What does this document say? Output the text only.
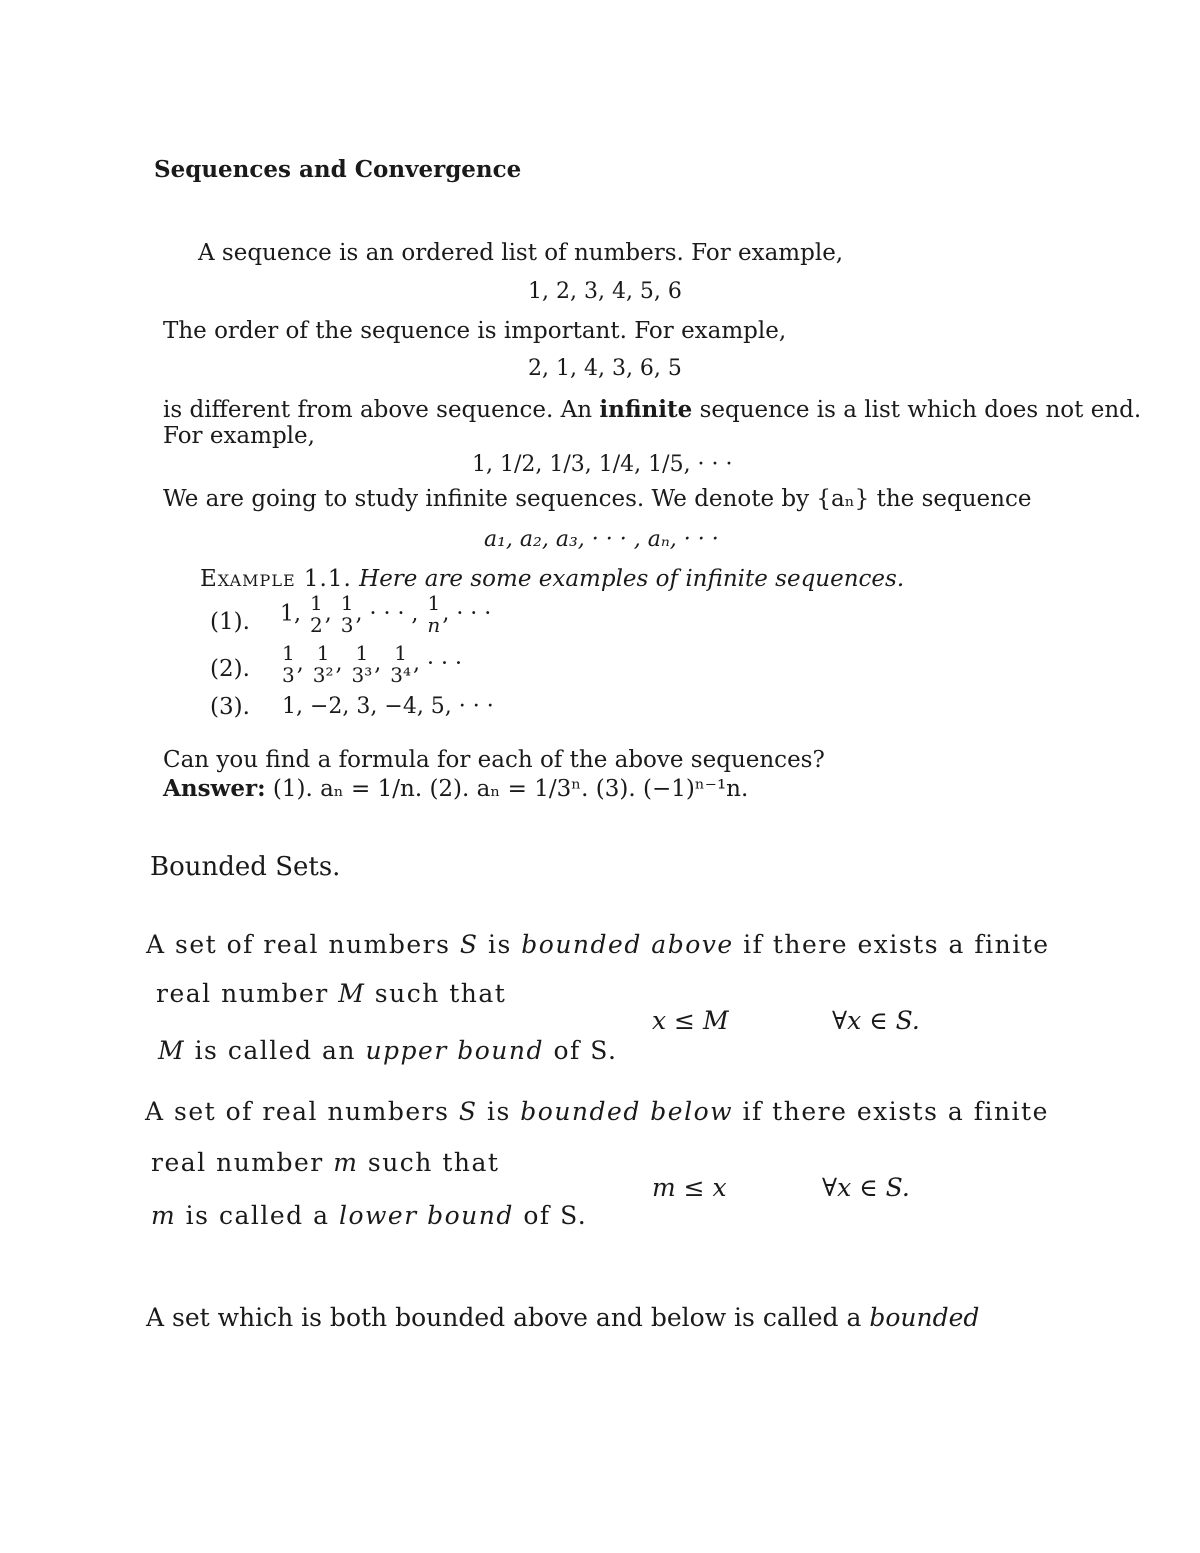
Sequences and Convergence
A sequence is an ordered list of numbers. For example,
1, 2, 3, 4, 5, 6
The order of the sequence is important. For example,
2, 1, 4, 3, 6, 5
is different from above sequence. An infinite sequence is a list which does not end.
For example,
1, 1/2, 1/3, 1/4, 1/5, · · ·
We are going to study infinite sequences. We denote by {aₙ} the sequence
a₁, a₂, a₃, · · · , aₙ, · · ·
Example 1.1. Here are some examples of infinite sequences.
(1). 1, 1
2 , 1
3 , · · · , 1
n , · · ·
(2).
1
3 , 1
3² , 1
3³ , 1
3⁴ , · · ·
(3). 1, −2, 3, −4, 5, · · ·
Can you find a formula for each of the above sequences?
Answer: (1). aₙ = 1/n. (2). aₙ = 1/3ⁿ. (3). (−1)ⁿ⁻¹n.
Bounded Sets.
A set of real numbers S is bounded above if there exists a finite
real number M such that
x ≤ M	∀x ∈ S.
M is called an upper bound of S.
A set of real numbers S is bounded below if there exists a finite
real number m such that
m ≤ x	∀x ∈ S.
m is called a lower bound of S.
A set which is both bounded above and below is called a bounded
